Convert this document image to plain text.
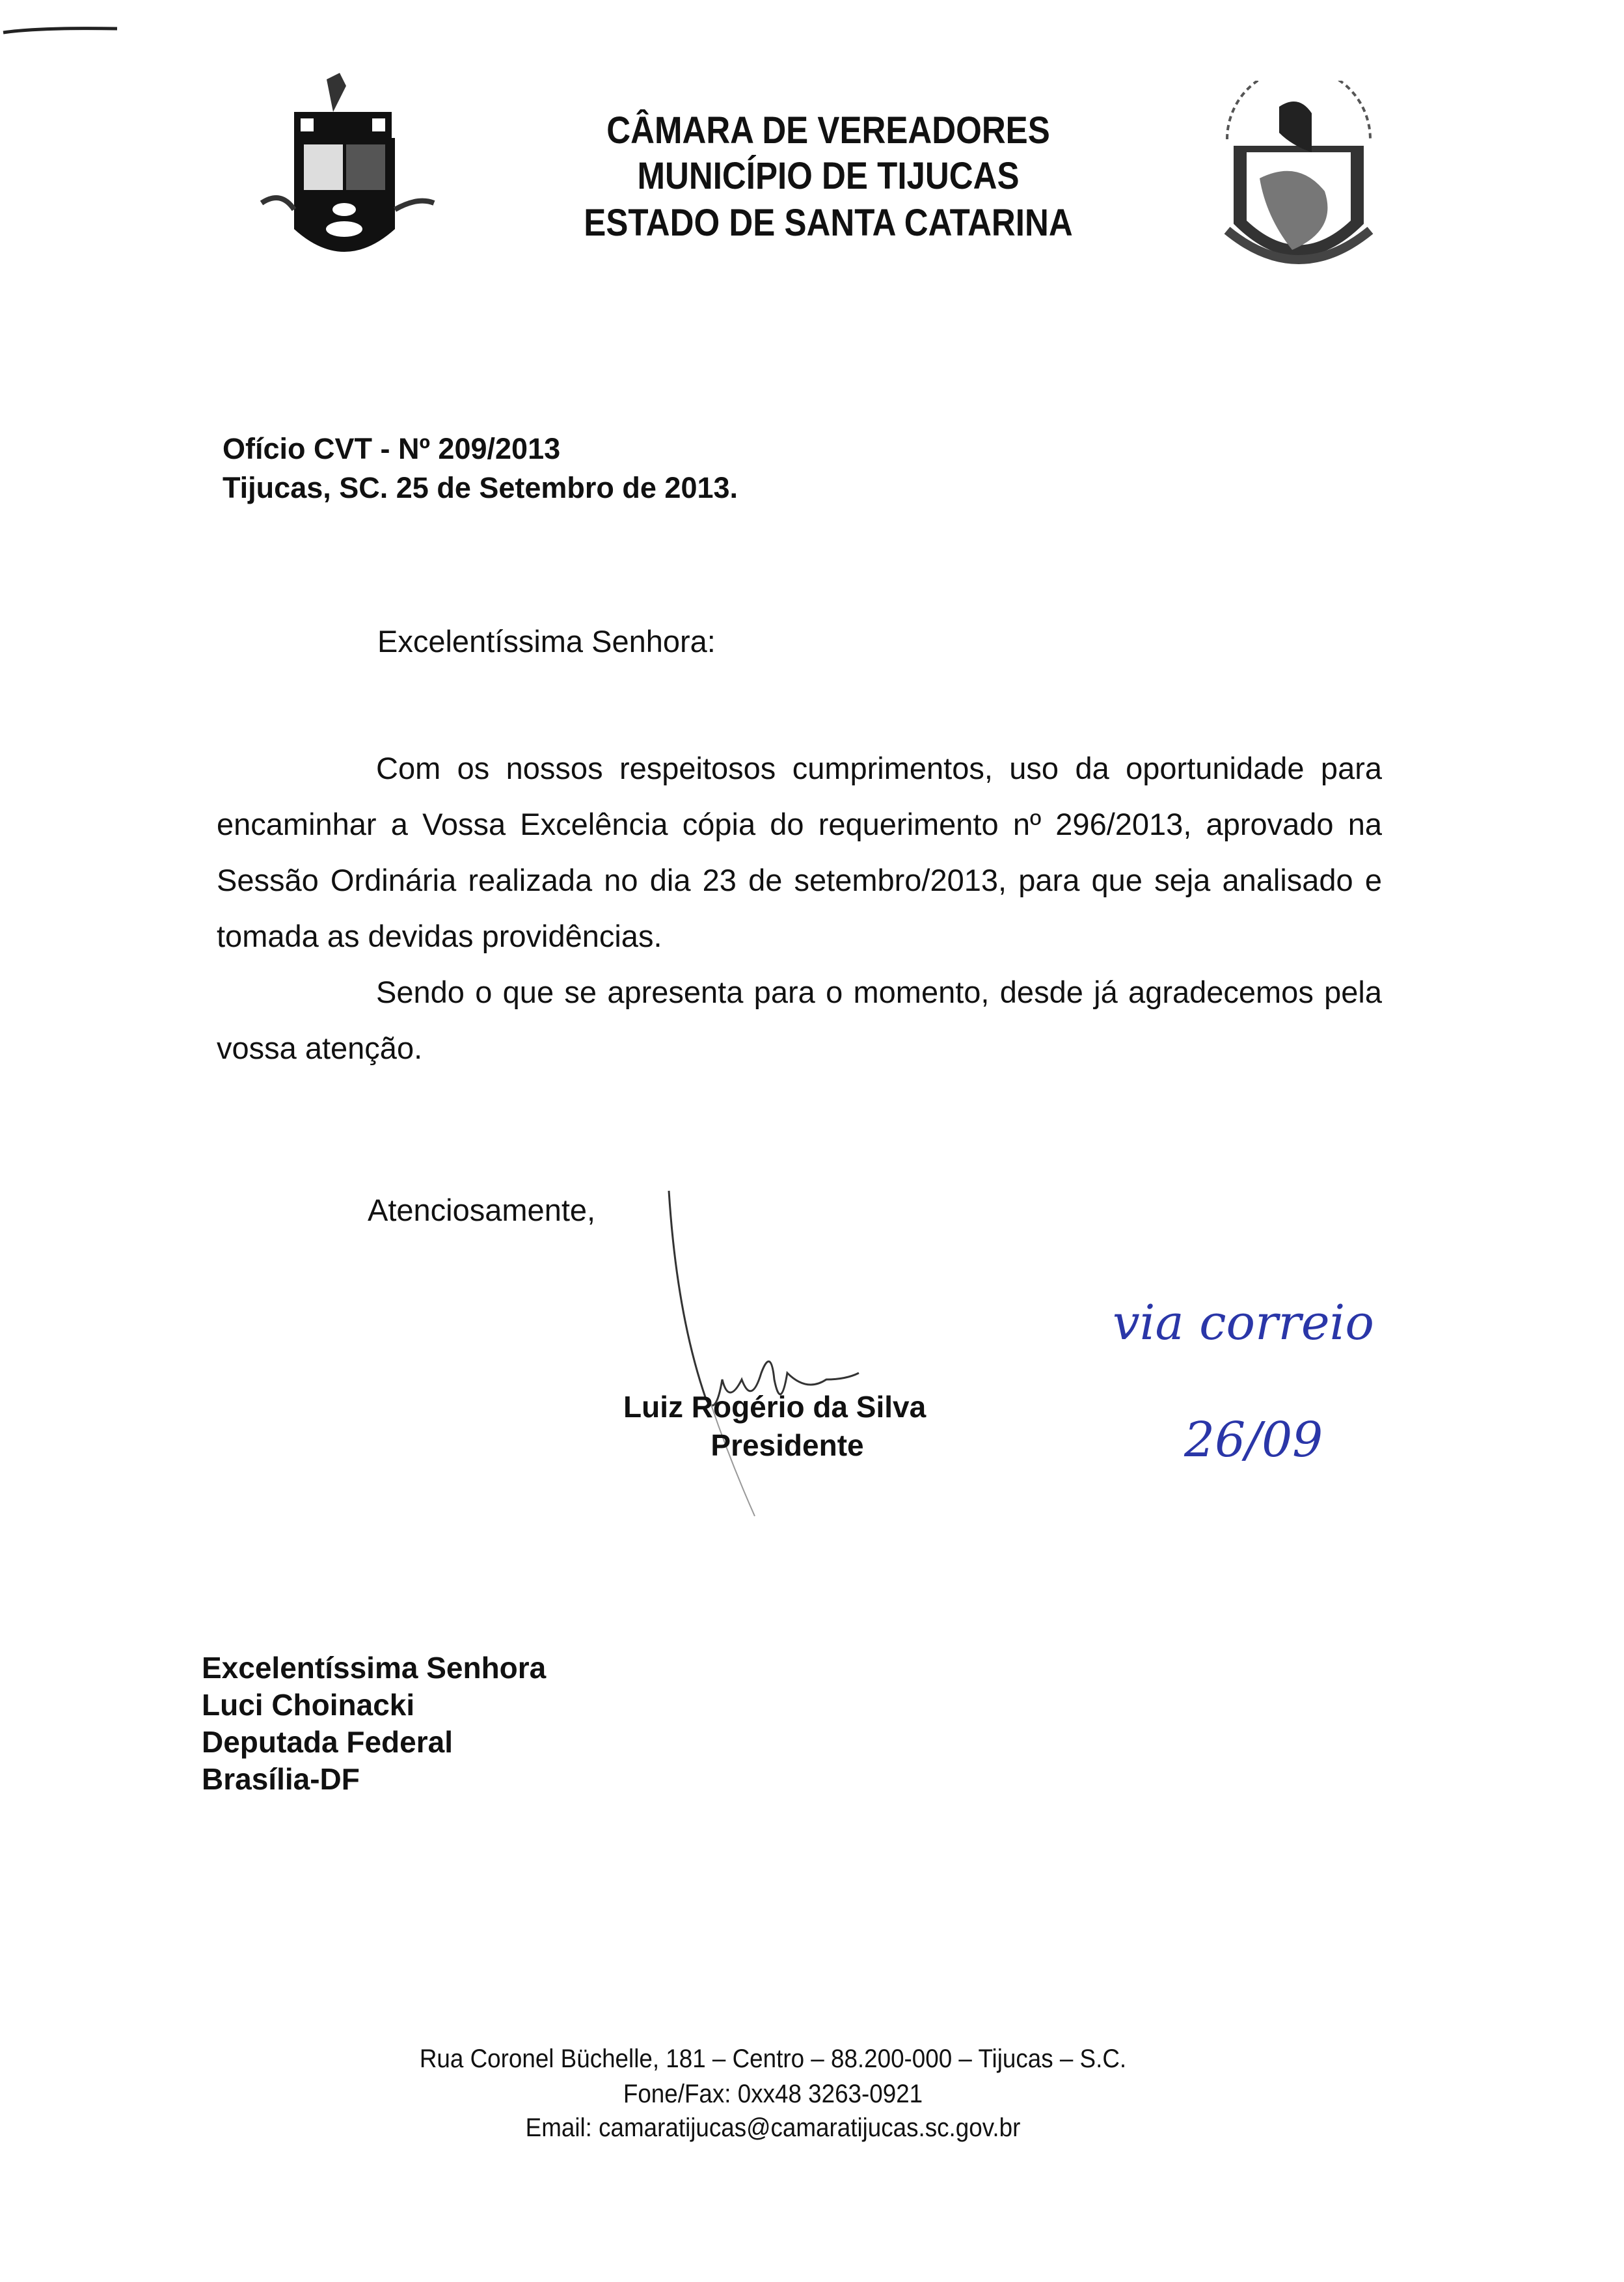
CÂMARA DE VEREADORES
MUNICÍPIO DE TIJUCAS
ESTADO DE SANTA CATARINA
Ofício CVT - Nº 209/2013
Tijucas, SC. 25 de Setembro de 2013.
Excelentíssima Senhora:

Com os nossos respeitosos cumprimentos, uso da oportunidade para encaminhar a Vossa Excelência cópia do requerimento nº 296/2013, aprovado na Sessão Ordinária realizada no dia 23 de setembro/2013, para que seja analisado e tomada as devidas providências.

Sendo o que se apresenta para o momento, desde já agradecemos pela vossa atenção.

Atenciosamente,
Luiz Rogério da Silva
Presidente
via correio
26/09
Excelentíssima Senhora
Luci Choinacki
Deputada Federal
Brasília-DF
Rua Coronel Büchelle, 181 – Centro – 88.200-000 – Tijucas – S.C.
Fone/Fax: 0xx48 3263-0921
Email: camaratijucas@camaratijucas.sc.gov.br
